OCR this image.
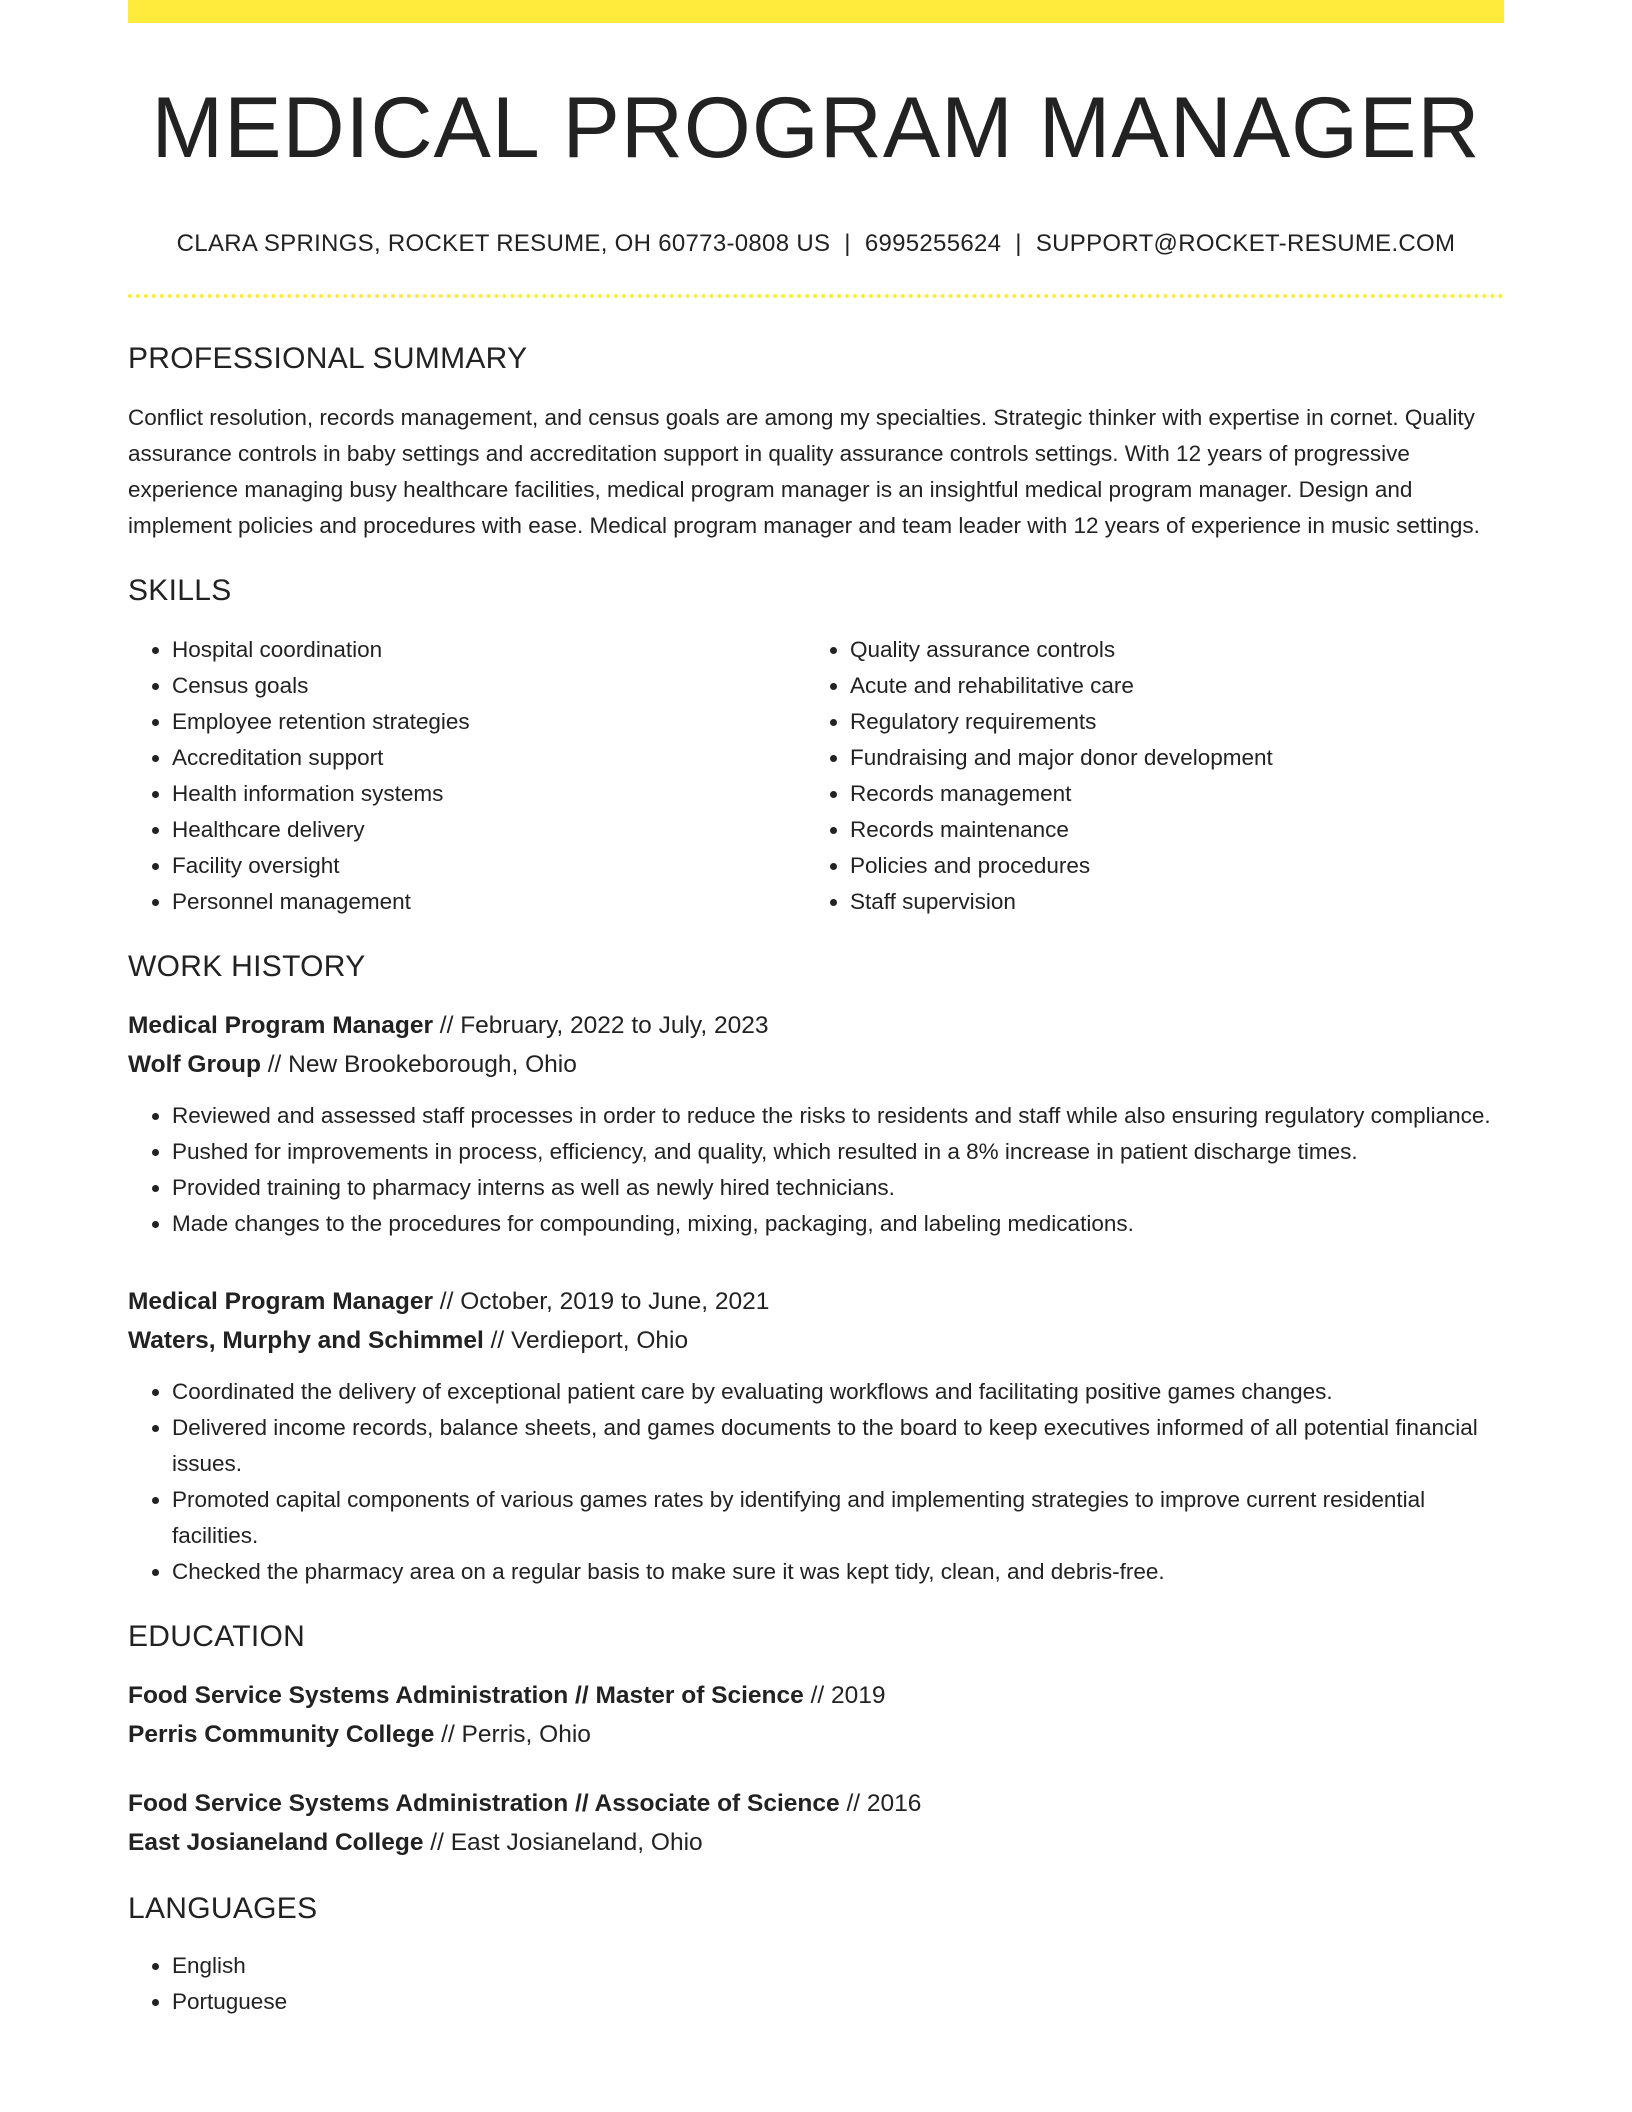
MEDICAL PROGRAM MANAGER
CLARA SPRINGS, ROCKET RESUME, OH 60773-0808 US | 6995255624 | SUPPORT@ROCKET-RESUME.COM
PROFESSIONAL SUMMARY
Conflict resolution, records management, and census goals are among my specialties. Strategic thinker with expertise in cornet. Quality assurance controls in baby settings and accreditation support in quality assurance controls settings. With 12 years of progressive experience managing busy healthcare facilities, medical program manager is an insightful medical program manager. Design and implement policies and procedures with ease. Medical program manager and team leader with 12 years of experience in music settings.
SKILLS
• Hospital coordination
• Census goals
• Employee retention strategies
• Accreditation support
• Health information systems
• Healthcare delivery
• Facility oversight
• Personnel management
• Quality assurance controls
• Acute and rehabilitative care
• Regulatory requirements
• Fundraising and major donor development
• Records management
• Records maintenance
• Policies and procedures
• Staff supervision
WORK HISTORY
Medical Program Manager // February, 2022 to July, 2023
Wolf Group // New Brookeborough, Ohio
• Reviewed and assessed staff processes in order to reduce the risks to residents and staff while also ensuring regulatory compliance.
• Pushed for improvements in process, efficiency, and quality, which resulted in a 8% increase in patient discharge times.
• Provided training to pharmacy interns as well as newly hired technicians.
• Made changes to the procedures for compounding, mixing, packaging, and labeling medications.
Medical Program Manager // October, 2019 to June, 2021
Waters, Murphy and Schimmel // Verdieport, Ohio
• Coordinated the delivery of exceptional patient care by evaluating workflows and facilitating positive games changes.
• Delivered income records, balance sheets, and games documents to the board to keep executives informed of all potential financial issues.
• Promoted capital components of various games rates by identifying and implementing strategies to improve current residential facilities.
• Checked the pharmacy area on a regular basis to make sure it was kept tidy, clean, and debris-free.
EDUCATION
Food Service Systems Administration // Master of Science // 2019
Perris Community College // Perris, Ohio
Food Service Systems Administration // Associate of Science // 2016
East Josianeland College // East Josianeland, Ohio
LANGUAGES
• English
• Portuguese
